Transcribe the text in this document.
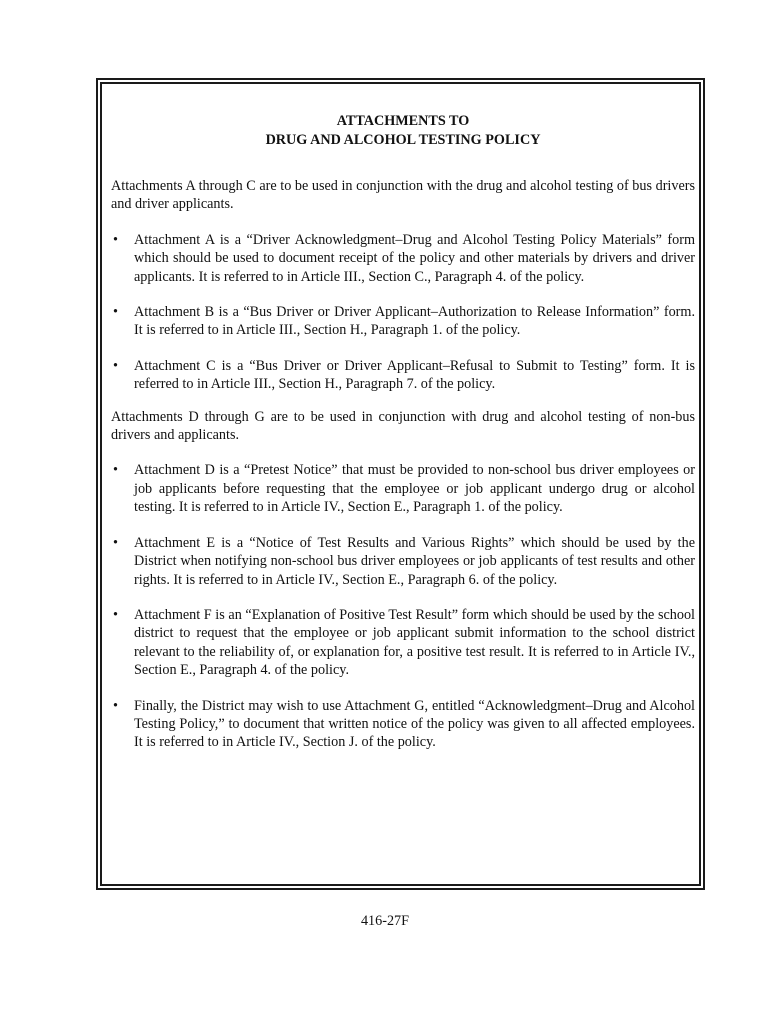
ATTACHMENTS TO
DRUG AND ALCOHOL TESTING POLICY

Attachments A through C are to be used in conjunction with the drug and alcohol testing of bus drivers and driver applicants.

• Attachment A is a “Driver Acknowledgment–Drug and Alcohol Testing Policy Materials” form which should be used to document receipt of the policy and other materials by drivers and driver applicants. It is referred to in Article III., Section C., Paragraph 4. of the policy.
• Attachment B is a “Bus Driver or Driver Applicant–Authorization to Release Information” form. It is referred to in Article III., Section H., Paragraph 1. of the policy.
• Attachment C is a “Bus Driver or Driver Applicant–Refusal to Submit to Testing” form. It is referred to in Article III., Section H., Paragraph 7. of the policy.

Attachments D through G are to be used in conjunction with drug and alcohol testing of non-bus drivers and applicants.

• Attachment D is a “Pretest Notice” that must be provided to non-school bus driver employees or job applicants before requesting that the employee or job applicant undergo drug or alcohol testing. It is referred to in Article IV., Section E., Paragraph 1. of the policy.
• Attachment E is a “Notice of Test Results and Various Rights” which should be used by the District when notifying non-school bus driver employees or job applicants of test results and other rights. It is referred to in Article IV., Section E., Paragraph 6. of the policy.
• Attachment F is an “Explanation of Positive Test Result” form which should be used by the school district to request that the employee or job applicant submit information to the school district relevant to the reliability of, or explanation for, a positive test result. It is referred to in Article IV., Section E., Paragraph 4. of the policy.
• Finally, the District may wish to use Attachment G, entitled “Acknowledgment–Drug and Alcohol Testing Policy,” to document that written notice of the policy was given to all affected employees. It is referred to in Article IV., Section J. of the policy.
416-27F
